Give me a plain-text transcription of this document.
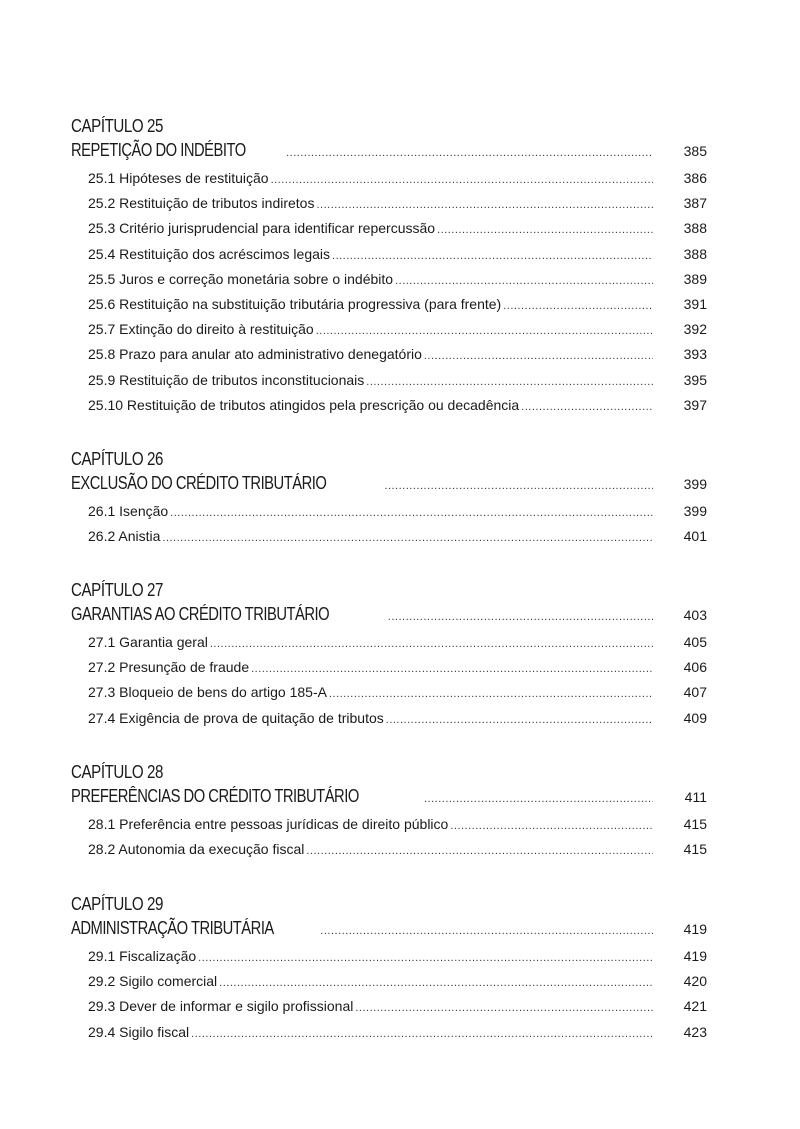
CAPÍTULO 25
REPETIÇÃO DO INDÉBITO .....	385
25.1 Hipóteses de restituição .....	386
25.2 Restituição de tributos indiretos .....	387
25.3 Critério jurisprudencial para identificar repercussão .....	388
25.4 Restituição dos acréscimos legais .....	388
25.5 Juros e correção monetária sobre o indébito .....	389
25.6 Restituição na substituição tributária progressiva (para frente) .....	391
25.7 Extinção do direito à restituição .....	392
25.8 Prazo para anular ato administrativo denegatório .....	393
25.9 Restituição de tributos inconstitucionais .....	395
25.10 Restituição de tributos atingidos pela prescrição ou decadência .....	397
CAPÍTULO 26
EXCLUSÃO DO CRÉDITO TRIBUTÁRIO .....	399
26.1 Isenção .....	399
26.2 Anistia .....	401
CAPÍTULO 27
GARANTIAS AO CRÉDITO TRIBUTÁRIO .....	403
27.1 Garantia geral .....	405
27.2 Presunção de fraude .....	406
27.3 Bloqueio de bens do artigo 185-A .....	407
27.4 Exigência de prova de quitação de tributos .....	409
CAPÍTULO 28
PREFERÊNCIAS DO CRÉDITO TRIBUTÁRIO .....	411
28.1 Preferência entre pessoas jurídicas de direito público .....	415
28.2 Autonomia da execução fiscal .....	415
CAPÍTULO 29
ADMINISTRAÇÃO TRIBUTÁRIA .....	419
29.1 Fiscalização .....	419
29.2 Sigilo comercial .....	420
29.3 Dever de informar e sigilo profissional .....	421
29.4 Sigilo fiscal .....	423
